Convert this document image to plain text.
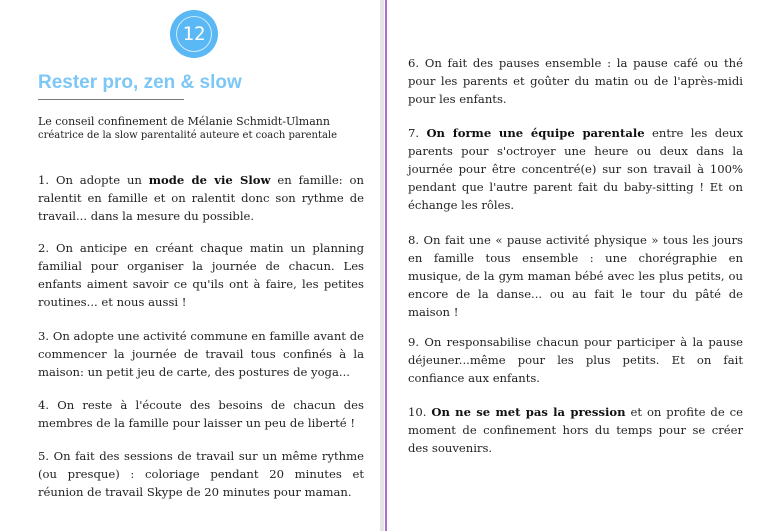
12
Rester pro, zen & slow
Le conseil confinement de Mélanie Schmidt-Ulmann
créatrice de la slow parentalité auteure et coach parentale

1. On adopte un mode de vie Slow en famille: on ralentit en famille et on ralentit donc son rythme de travail... dans la mesure du possible.

2. On anticipe en créant chaque matin un planning familial pour organiser la journée de chacun. Les enfants aiment savoir ce qu'ils ont à faire, les petites routines... et nous aussi !

3. On adopte une activité commune en famille avant de commencer la journée de travail tous confinés à la maison: un petit jeu de carte, des postures de yoga...

4. On reste à l'écoute des besoins de chacun des membres de la famille pour laisser un peu de liberté !

5. On fait des sessions de travail sur un même rythme (ou presque) : coloriage pendant 20 minutes et réunion de travail Skype de 20 minutes pour maman.

6. On fait des pauses ensemble : la pause café ou thé pour les parents et goûter du matin ou de l'après-midi pour les enfants.

7. On forme une équipe parentale entre les deux parents pour s'octroyer une heure ou deux dans la journée pour être concentré(e) sur son travail à 100% pendant que l'autre parent fait du baby-sitting ! Et on échange les rôles.

8. On fait une « pause activité physique » tous les jours en famille tous ensemble : une chorégraphie en musique, de la gym maman bébé avec les plus petits, ou encore de la danse... ou au fait le tour du pâté de maison !

9. On responsabilise chacun pour participer à la pause déjeuner...même pour les plus petits. Et on fait confiance aux enfants.

10. On ne se met pas la pression et on profite de ce moment de confinement hors du temps pour se créer des souvenirs.
